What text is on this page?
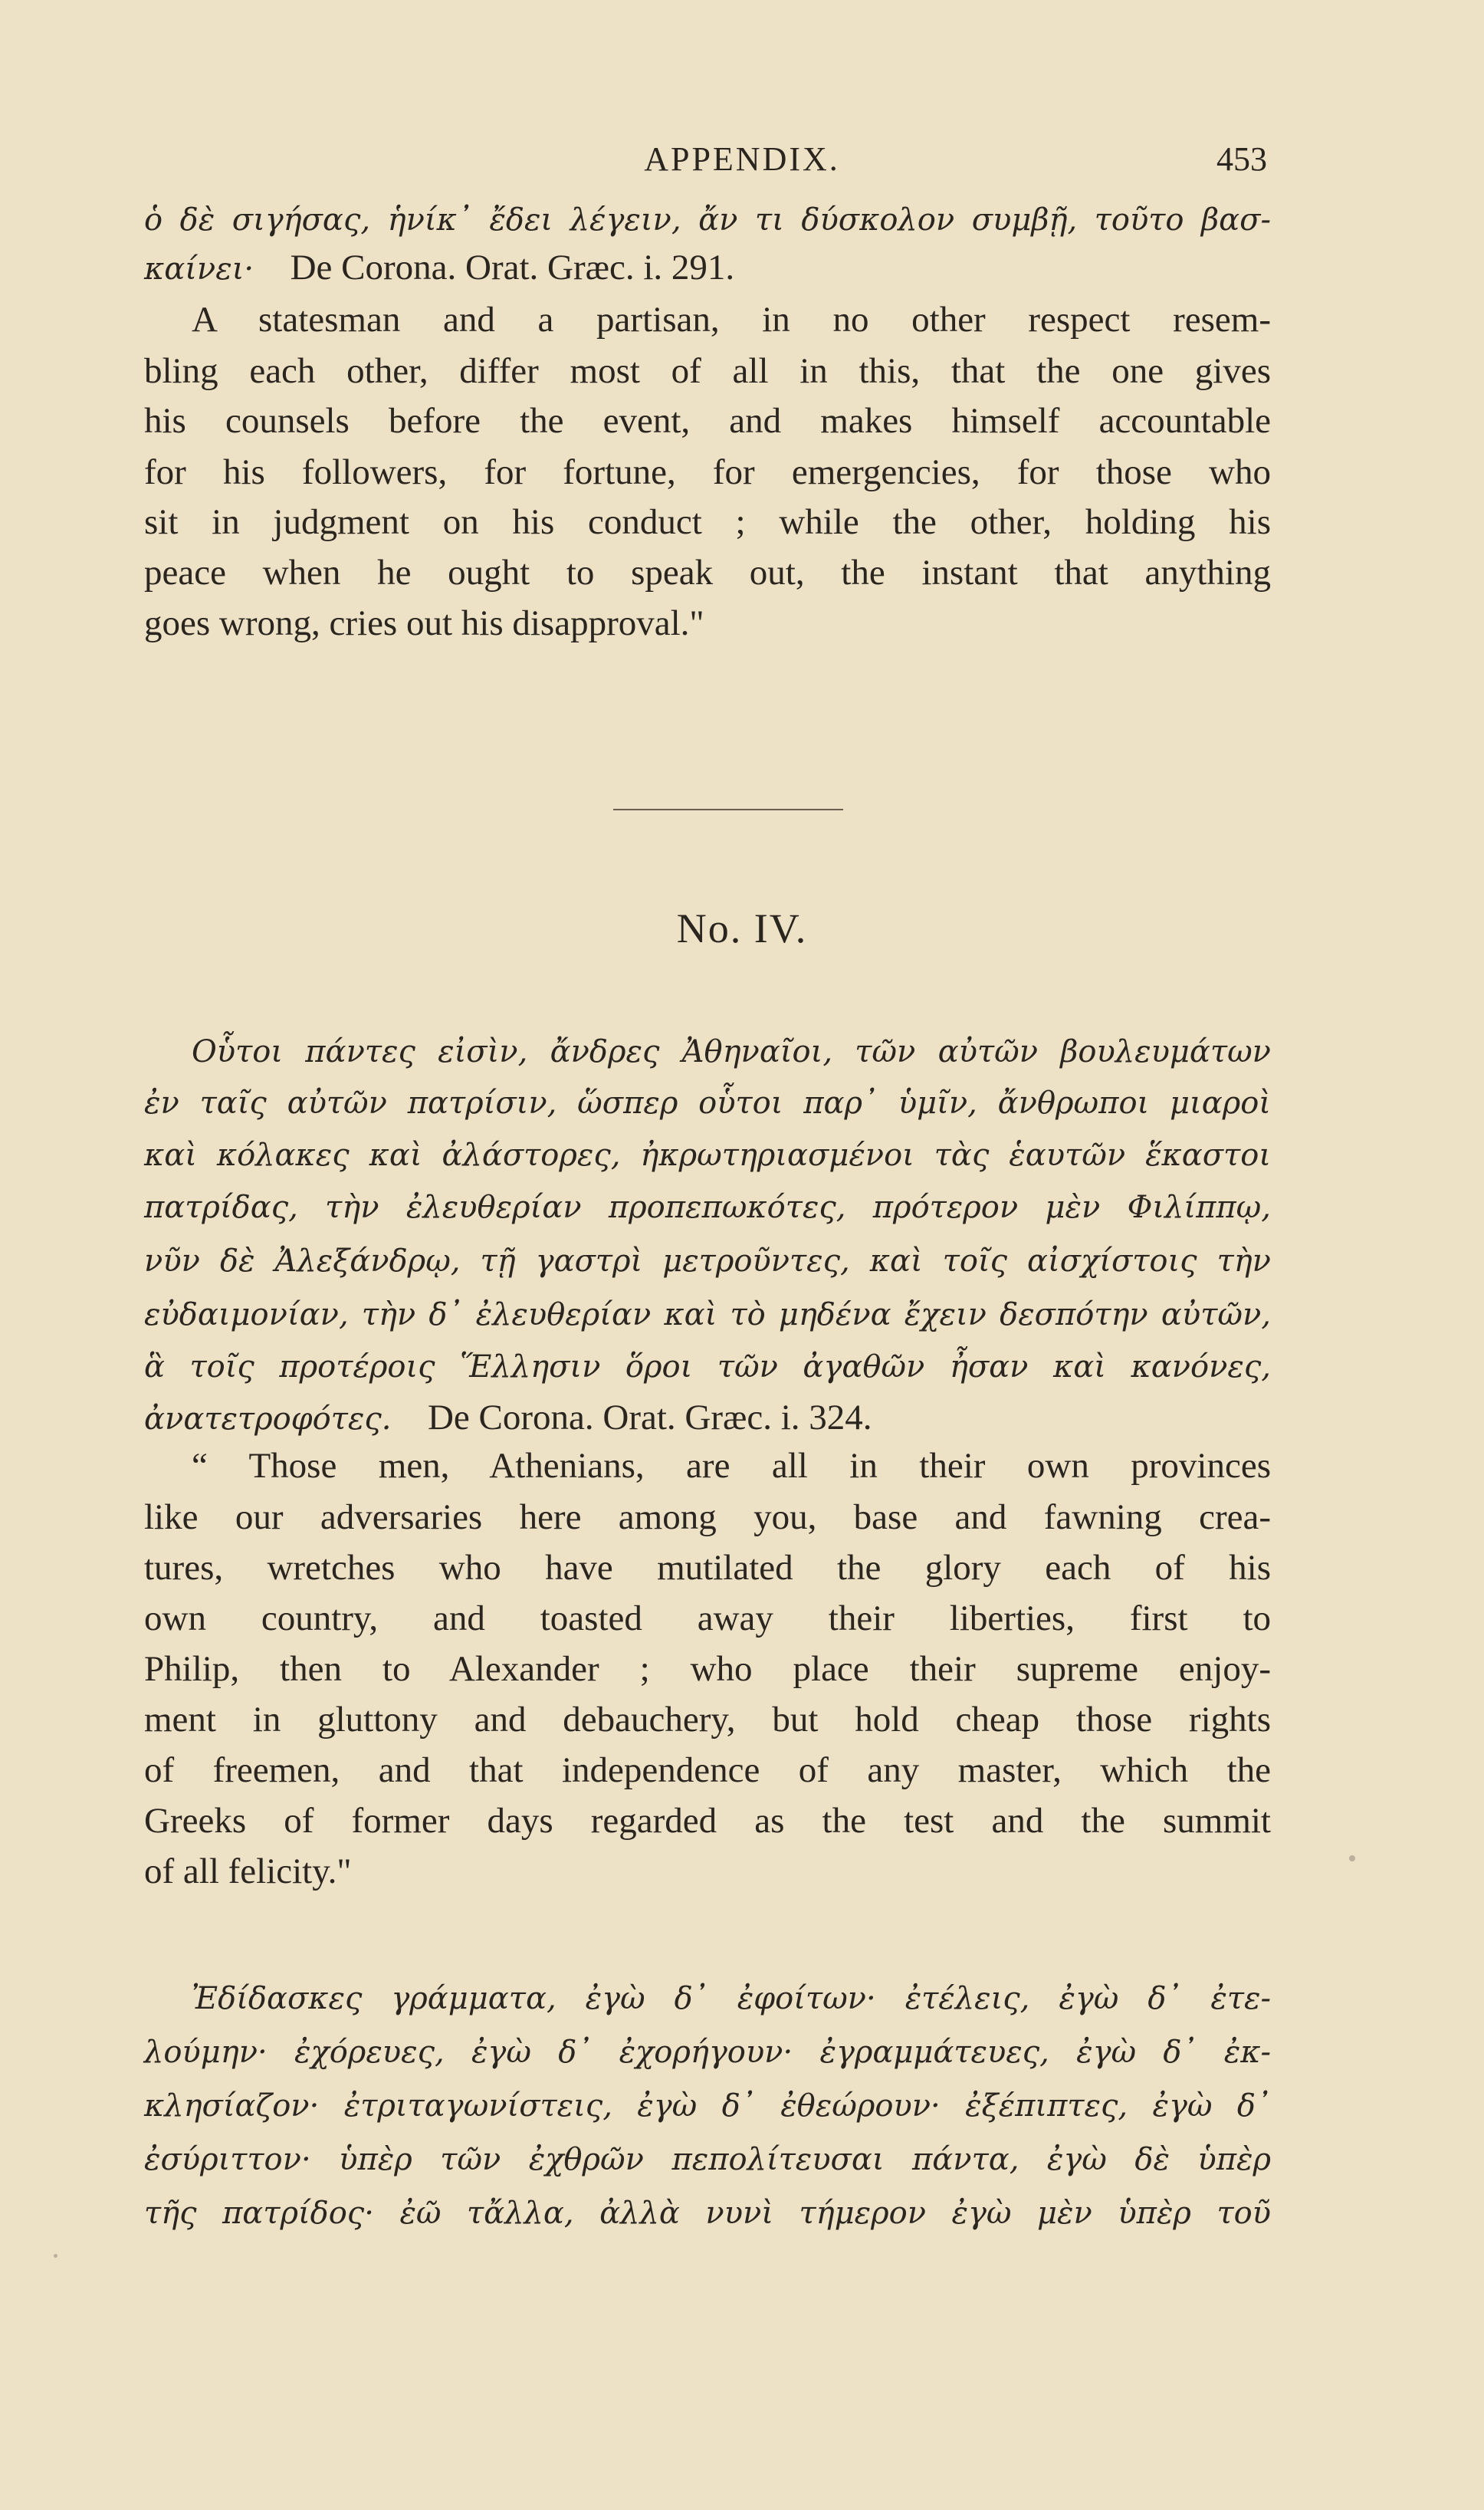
APPENDIX.	453
ὁ δὲ σιγήσας, ἡνίκ᾽ ἔδει λέγειν, ἄν τι δύσκολον συμβῇ, τοῦτο βασ-
καίνει· De Corona. Orat. Græc. i. 291.
A statesman and a partisan, in no other respect resem-
bling each other, differ most of all in this, that the one gives
his counsels before the event, and makes himself accountable
for his followers, for fortune, for emergencies, for those who
sit in judgment on his conduct ; while the other, holding his
peace when he ought to speak out, the instant that anything
goes wrong, cries out his disapproval."
No. IV.
Οὗτοι πάντες εἰσὶν, ἄνδρες Ἀθηναῖοι, τῶν αὐτῶν βουλευμάτων
ἐν ταῖς αὐτῶν πατρίσιν, ὥσπερ οὗτοι παρ᾽ ὑμῖν, ἄνθρωποι μιαροὶ
καὶ κόλακες καὶ ἀλάστορες, ἠκρωτηριασμένοι τὰς ἑαυτῶν ἕκαστοι
πατρίδας, τὴν ἐλευθερίαν προπεπωκότες, πρότερον μὲν Φιλίππῳ,
νῦν δὲ Ἀλεξάνδρῳ, τῇ γαστρὶ μετροῦντες, καὶ τοῖς αἰσχίστοις τὴν
εὐδαιμονίαν, τὴν δ᾽ ἐλευθερίαν καὶ τὸ μηδένα ἔχειν δεσπότην αὐτῶν,
ἃ τοῖς προτέροις Ἕλλησιν ὅροι τῶν ἀγαθῶν ἦσαν καὶ κανόνες,
ἀνατετροφότες. De Corona. Orat. Græc. i. 324.
“ Those men, Athenians, are all in their own provinces
like our adversaries here among you, base and fawning crea-
tures, wretches who have mutilated the glory each of his
own country, and toasted away their liberties, first to
Philip, then to Alexander ; who place their supreme enjoy-
ment in gluttony and debauchery, but hold cheap those rights
of freemen, and that independence of any master, which the
Greeks of former days regarded as the test and the summit
of all felicity."
Ἐδίδασκες γράμματα, ἐγὼ δ᾽ ἐφοίτων· ἐτέλεις, ἐγὼ δ᾽ ἐτε-
λούμην· ἐχόρευες, ἐγὼ δ᾽ ἐχορήγουν· ἐγραμμάτευες, ἐγὼ δ᾽ ἐκ-
κλησίαζον· ἐτριταγωνίστεις, ἐγὼ δ᾽ ἐθεώρουν· ἐξέπιπτες, ἐγὼ δ᾽
ἐσύριττον· ὑπὲρ τῶν ἐχθρῶν πεπολίτευσαι πάντα, ἐγὼ δὲ ὑπὲρ
τῆς πατρίδος· ἐῶ τἄλλα, ἀλλὰ νυνὶ τήμερον ἐγὼ μὲν ὑπὲρ τοῦ
